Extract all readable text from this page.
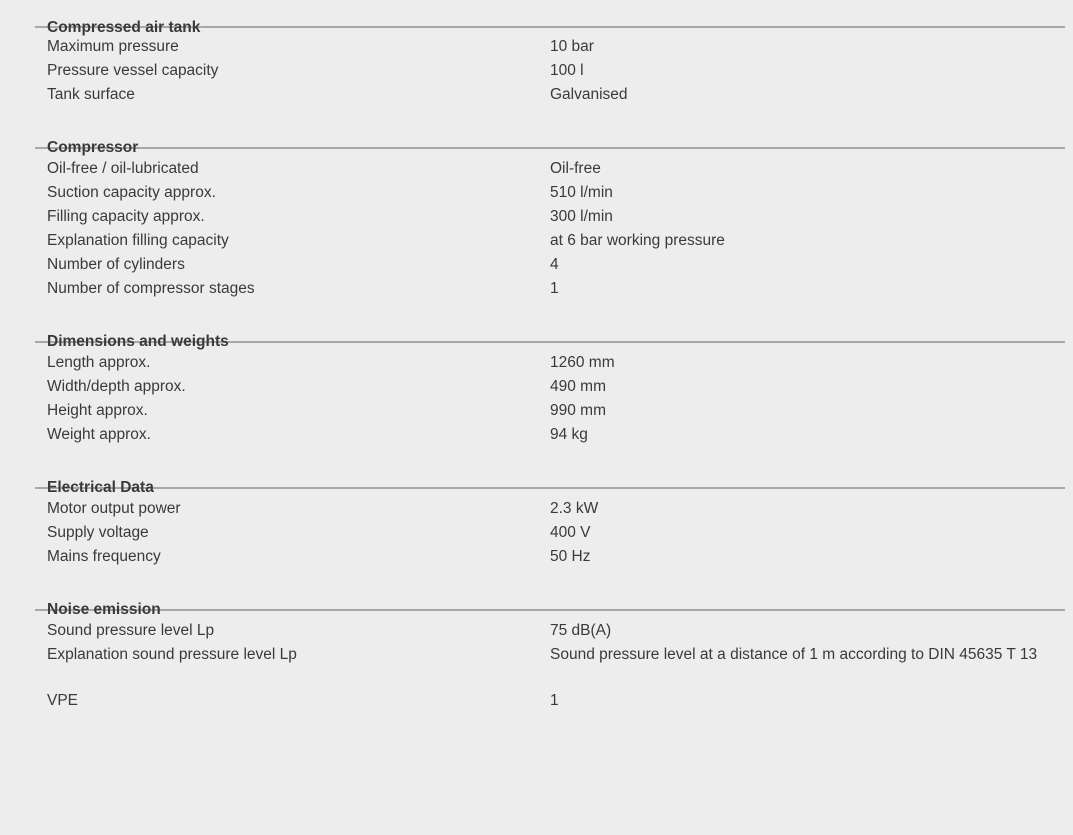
Compressed air tank
Maximum pressure	10 bar
Pressure vessel capacity	100 l
Tank surface	Galvanised
Compressor
Oil-free / oil-lubricated	Oil-free
Suction capacity approx.	510 l/min
Filling capacity approx.	300 l/min
Explanation filling capacity	at 6 bar working pressure
Number of cylinders	4
Number of compressor stages	1
Dimensions and weights
Length approx.	1260 mm
Width/depth approx.	490 mm
Height approx.	990 mm
Weight approx.	94 kg
Electrical Data
Motor output power	2.3 kW
Supply voltage	400 V
Mains frequency	50 Hz
Noise emission
Sound pressure level Lp	75 dB(A)
Explanation sound pressure level Lp	Sound pressure level at a distance of 1 m according to DIN 45635 T 13
VPE	1
